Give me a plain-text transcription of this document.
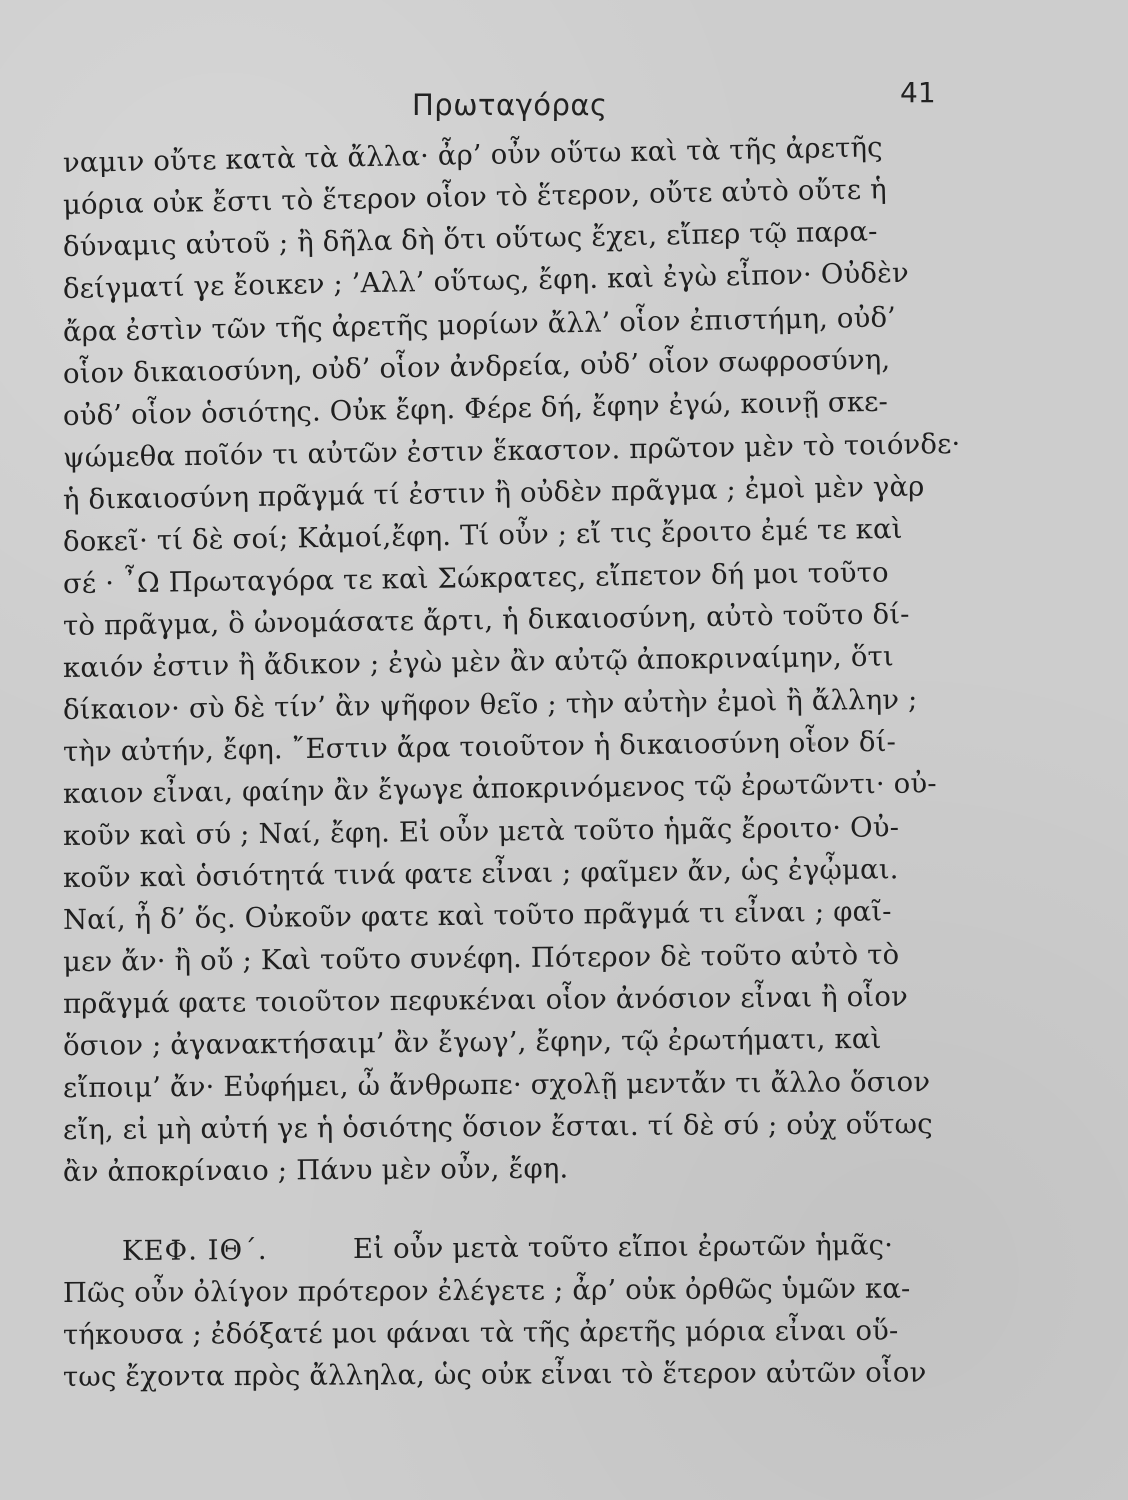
Πρωταγόρας	41
ναμιν οὔτε κατὰ τὰ ἄλλα· ἆρ’ οὖν οὕτω καὶ τὰ τῆς ἀρετῆς
μόρια οὐκ ἔστι τὸ ἕτερον οἷον τὸ ἕτερον, οὔτε αὐτὸ οὔτε ἡ
δύναμις αὐτοῦ ; ἢ δῆλα δὴ ὅτι οὕτως ἔχει, εἴπερ τῷ παρα-
δείγματί γε ἔοικεν ; ’Αλλ’ οὕτως, ἔφη. καὶ ἐγὼ εἶπον· Οὐδὲν
ἄρα ἐστὶν τῶν τῆς ἀρετῆς μορίων ἄλλ’ οἷον ἐπιστήμη, οὐδ’
οἷον δικαιοσύνη, οὐδ’ οἷον ἀνδρεία, οὐδ’ οἷον σωφροσύνη,
οὐδ’ οἷον ὁσιότης. Οὐκ ἔφη. Φέρε δή, ἔφην ἐγώ, κοινῇ σκε-
ψώμεθα ποῖόν τι αὐτῶν ἐστιν ἕκαστον. πρῶτον μὲν τὸ τοιόνδε·
ἡ δικαιοσύνη πρᾶγμά τί ἐστιν ἢ οὐδὲν πρᾶγμα ; ἐμοὶ μὲν γὰρ
δοκεῖ· τί δὲ σοί; Κἀμοί,ἔφη. Τί οὖν ; εἴ τις ἔροιτο ἐμέ τε καὶ
σέ · ῏Ω Πρωταγόρα τε καὶ Σώκρατες, εἴπετον δή μοι τοῦτο
τὸ πρᾶγμα, ὃ ὠνομάσατε ἄρτι, ἡ δικαιοσύνη, αὐτὸ τοῦτο δί-
καιόν ἐστιν ἢ ἄδικον ; ἐγὼ μὲν ἂν αὐτῷ ἀποκριναίμην, ὅτι
δίκαιον· σὺ δὲ τίν’ ἂν ψῆφον θεῖο ; τὴν αὐτὴν ἐμοὶ ἢ ἄλλην ;
τὴν αὐτήν, ἔφη. ῎Εστιν ἄρα τοιοῦτον ἡ δικαιοσύνη οἷον δί-
καιον εἶναι, φαίην ἂν ἔγωγε ἀποκρινόμενος τῷ ἐρωτῶντι· οὐ-
κοῦν καὶ σύ ; Ναί, ἔφη. Εἰ οὖν μετὰ τοῦτο ἡμᾶς ἔροιτο· Οὐ-
κοῦν καὶ ὁσιότητά τινά φατε εἶναι ; φαῖμεν ἄν, ὡς ἐγᾦμαι.
Ναί, ἦ δ’ ὅς. Οὐκοῦν φατε καὶ τοῦτο πρᾶγμά τι εἶναι ; φαῖ-
μεν ἄν· ἢ οὔ ; Καὶ τοῦτο συνέφη. Πότερον δὲ τοῦτο αὐτὸ τὸ
πρᾶγμά φατε τοιοῦτον πεφυκέναι οἷον ἀνόσιον εἶναι ἢ οἷον
ὅσιον ; ἀγανακτήσαιμ’ ἂν ἔγωγ’, ἔφην, τῷ ἐρωτήματι, καὶ
εἴποιμ’ ἄν· Εὐφήμει, ὦ ἄνθρωπε· σχολῇ μεντἄν τι ἄλλο ὅσιον
εἴη, εἰ μὴ αὐτή γε ἡ ὁσιότης ὅσιον ἔσται. τί δὲ σύ ; οὐχ οὕτως
ἂν ἀποκρίναιο ; Πάνυ μὲν οὖν, ἔφη.
ΚΕΦ. ΙΘ΄.	Εἰ οὖν μετὰ τοῦτο εἴποι ἐρωτῶν ἡμᾶς·
Πῶς οὖν ὀλίγον πρότερον ἐλέγετε ; ἆρ’ οὐκ ὀρθῶς ὑμῶν κα-
τήκουσα ; ἐδόξατέ μοι φάναι τὰ τῆς ἀρετῆς μόρια εἶναι οὕ-
τως ἔχοντα πρὸς ἄλληλα, ὡς οὐκ εἶναι τὸ ἕτερον αὐτῶν οἷον
